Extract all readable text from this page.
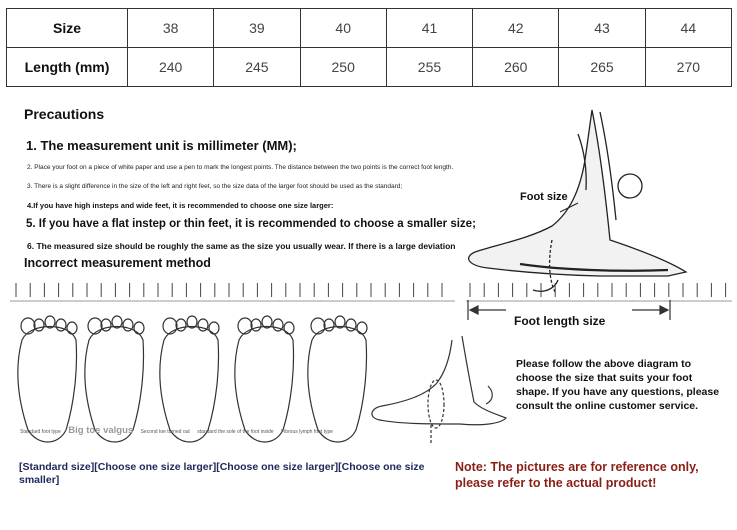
Size	38	39	40	41	42	43	44
Length (mm)	240	245	250	255	260	265	270
Precautions
1. The measurement unit is millimeter (MM);
2. Place your foot on a piece of white paper and use a pen to mark the longest points. The distance between the two points is the correct foot length.
3. There is a slight difference in the size of the left and right feet, so the size data of the larger foot should be used as the standard;
4.If you have high insteps and wide feet, it is recommended to choose one size larger:
5. If you have a flat instep or thin feet, it is recommended to choose a smaller size;
6. The measured size should be roughly the same as the size you usually wear. If there is a large deviation
Incorrect measurement method
Foot size
Foot length size
Please follow the above diagram to choose the size that suits your foot shape. If you have any questions, please consult the online customer service.
Standard foot type Big toe valgus Second toe turned out standard the sole of the foot inside Fibrous lymph foot type
[Standard size][Choose one size larger][Choose one size larger][Choose one size smaller]
Note: The pictures are for reference only, please refer to the actual product!
